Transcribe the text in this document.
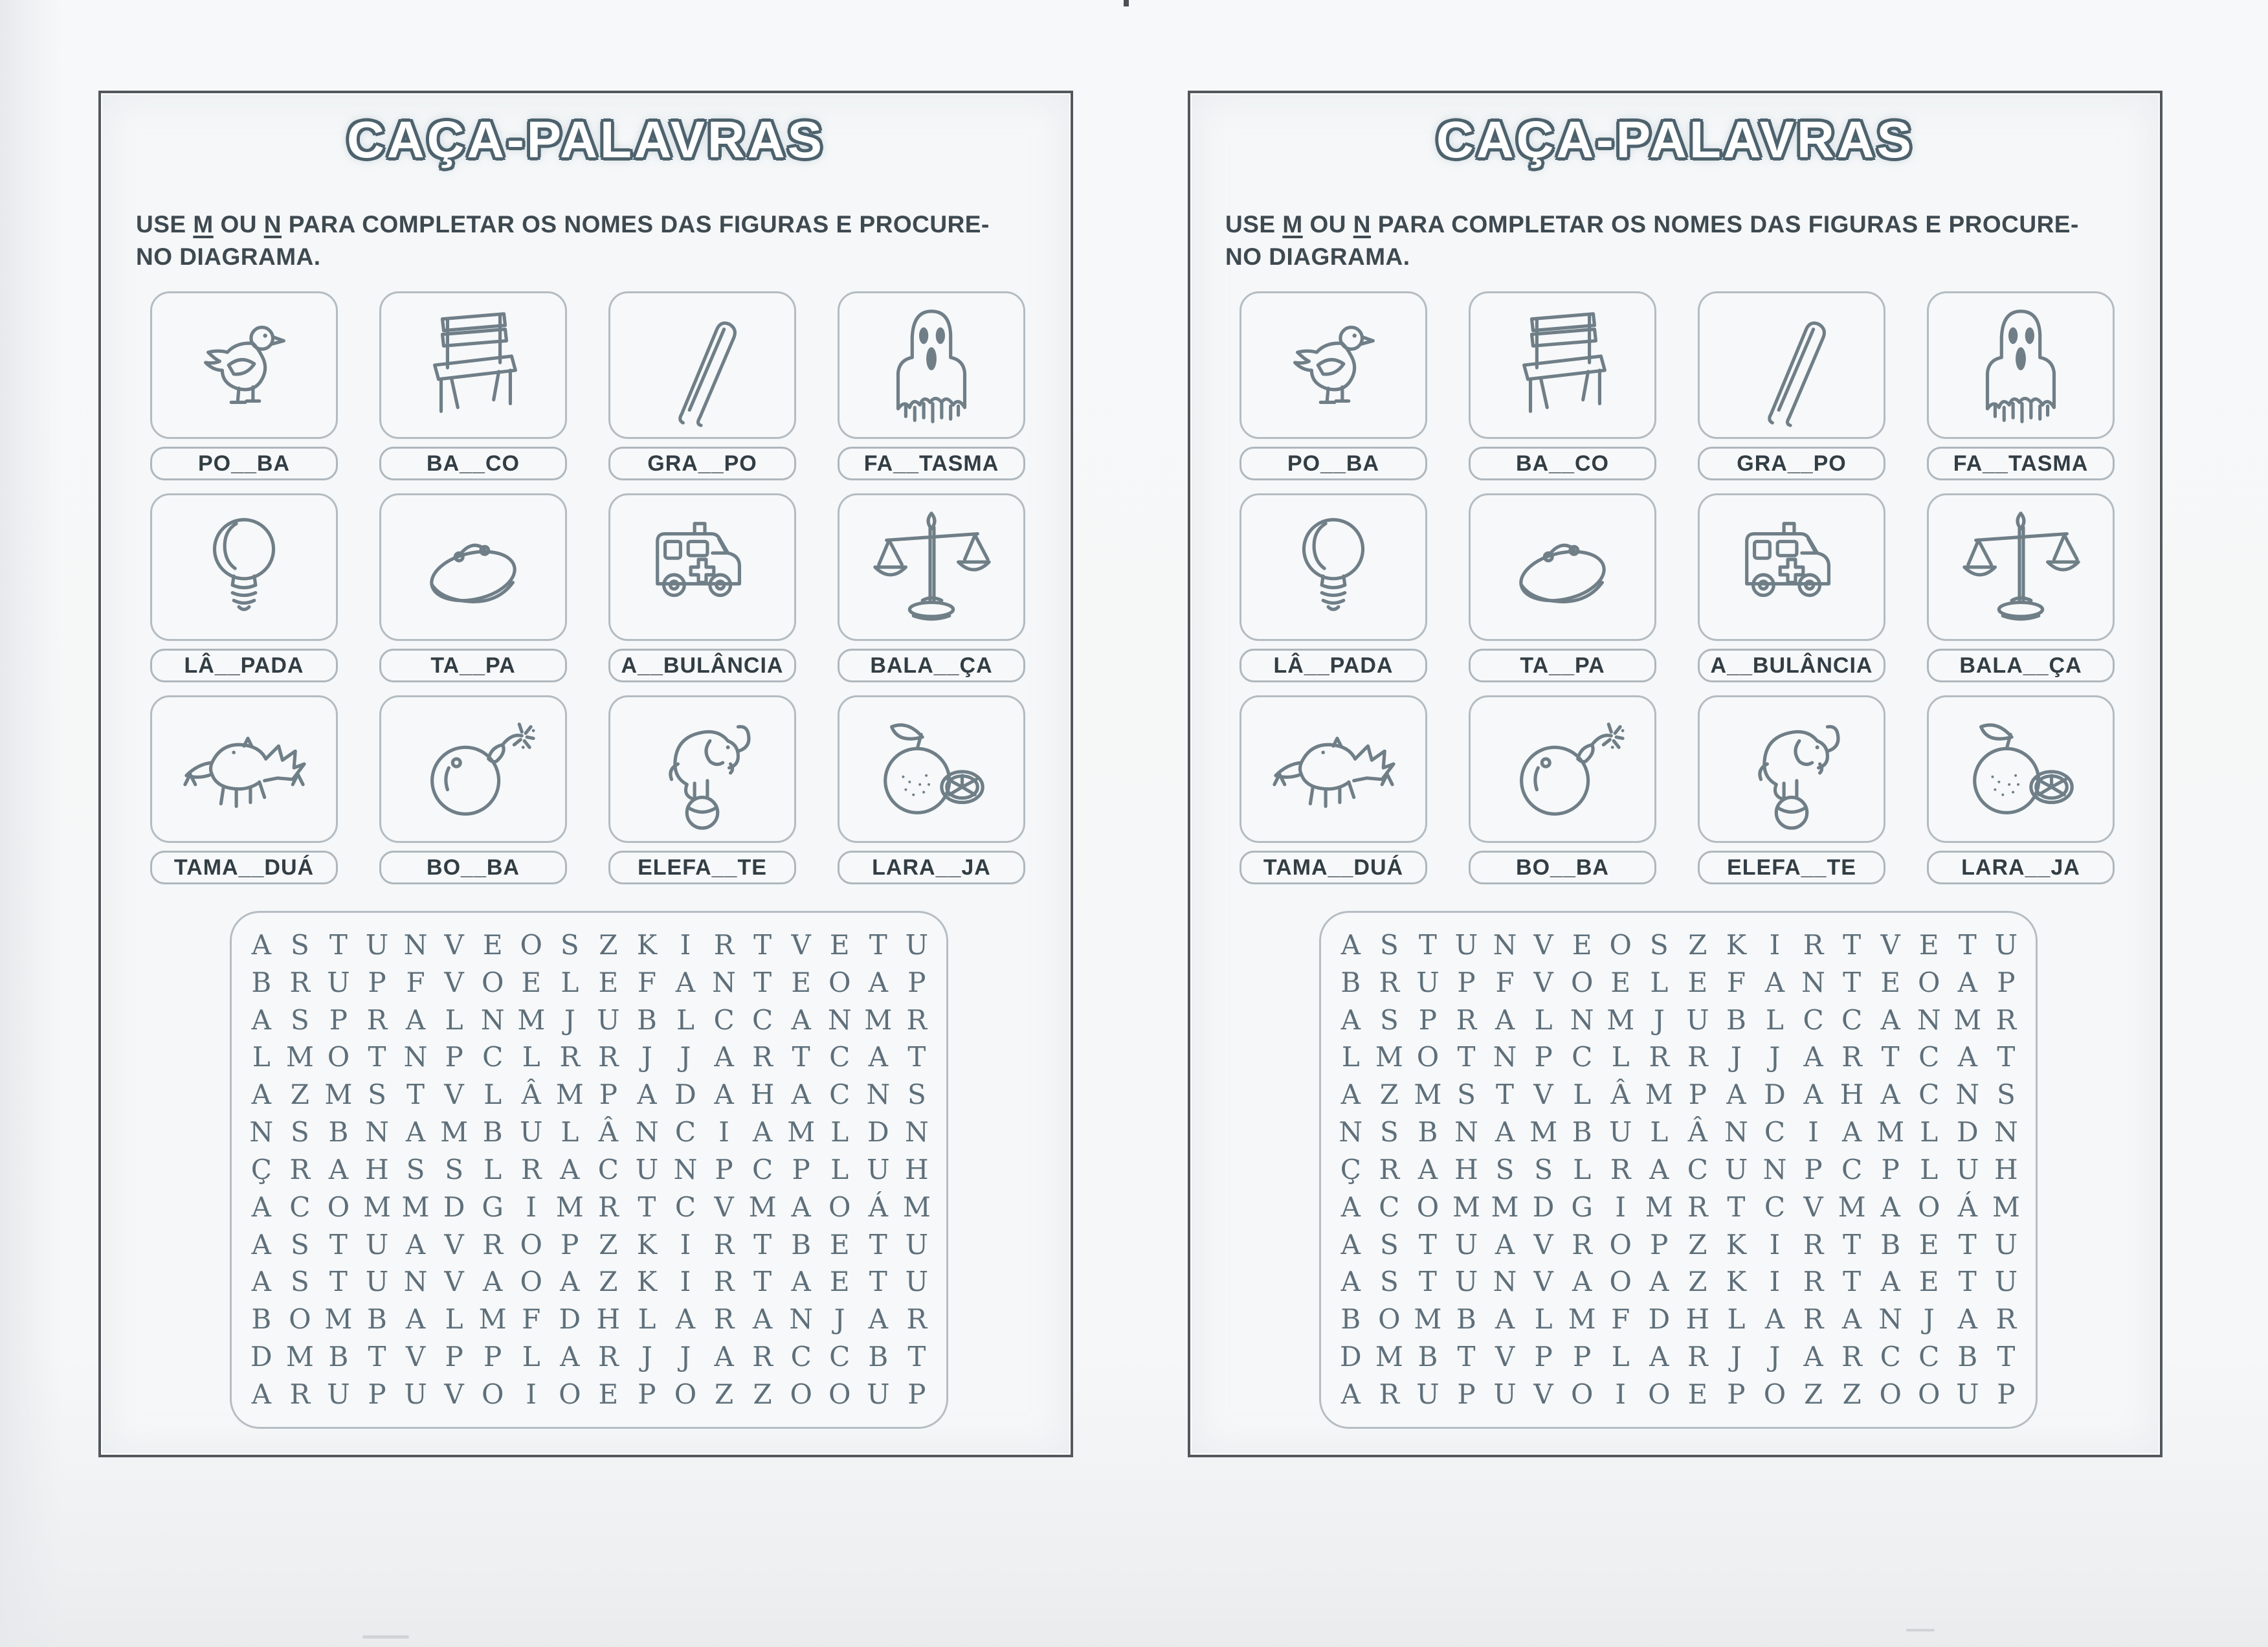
CAÇA-PALAVRAS
USE M OU N PARA COMPLETAR OS NOMES DAS FIGURAS E PROCURE-
NO DIAGRAMA.
PO__BA	BA__CO	GRA__PO	FA__TASMA
LÂ__PADA	TA__PA	A__BULÂNCIA	BALA__ÇA
TAMA__DUÁ	BO__BA	ELEFA__TE	LARA__JA
A S T U N V E O S Z K I R T V E T U
B R U P F V O E L E F A N T E O A P
A S P R A L N M J U B L C C A N M R
L M O T N P C L R R J	J A R T C A T
A Z M S T V L Â M P A D A H A C N S
N S B N A M B U L Â N C I A M L D N
Ç R A H S S L R A C U N P C P L U H
A C O M M D G I M R T C V M A O Á M
A S T U A V R O P Z K I R T B E T U
A S T U N V A O A Z K I R T A E T U
B O M B A L M F D H L A R A N J A R
D M B T V P P L A R J	J A R C C B T
A R U P U V O I O E P O Z Z O O U P
CAÇA-PALAVRAS
USE M OU N PARA COMPLETAR OS NOMES DAS FIGURAS E PROCURE-
NO DIAGRAMA.
PO__BA	BA__CO	GRA__PO	FA__TASMA
LÂ__PADA	TA__PA	A__BULÂNCIA	BALA__ÇA
TAMA__DUÁ	BO__BA	ELEFA__TE	LARA__JA
A S T U N V E O S Z K I R T V E T U
B R U P F V O E L E F A N T E O A P
A S P R A L N M J U B L C C A N M R
L M O T N P C L R R J	J A R T C A T
A Z M S T V L Â M P A D A H A C N S
N S B N A M B U L Â N C I A M L D N
Ç R A H S S L R A C U N P C P L U H
A C O M M D G I M R T C V M A O Á M
A S T U A V R O P Z K I R T B E T U
A S T U N V A O A Z K I R T A E T U
B O M B A L M F D H L A R A N J A R
D M B T V P P L A R J	J A R C C B T
A R U P U V O I O E P O Z Z O O U P
